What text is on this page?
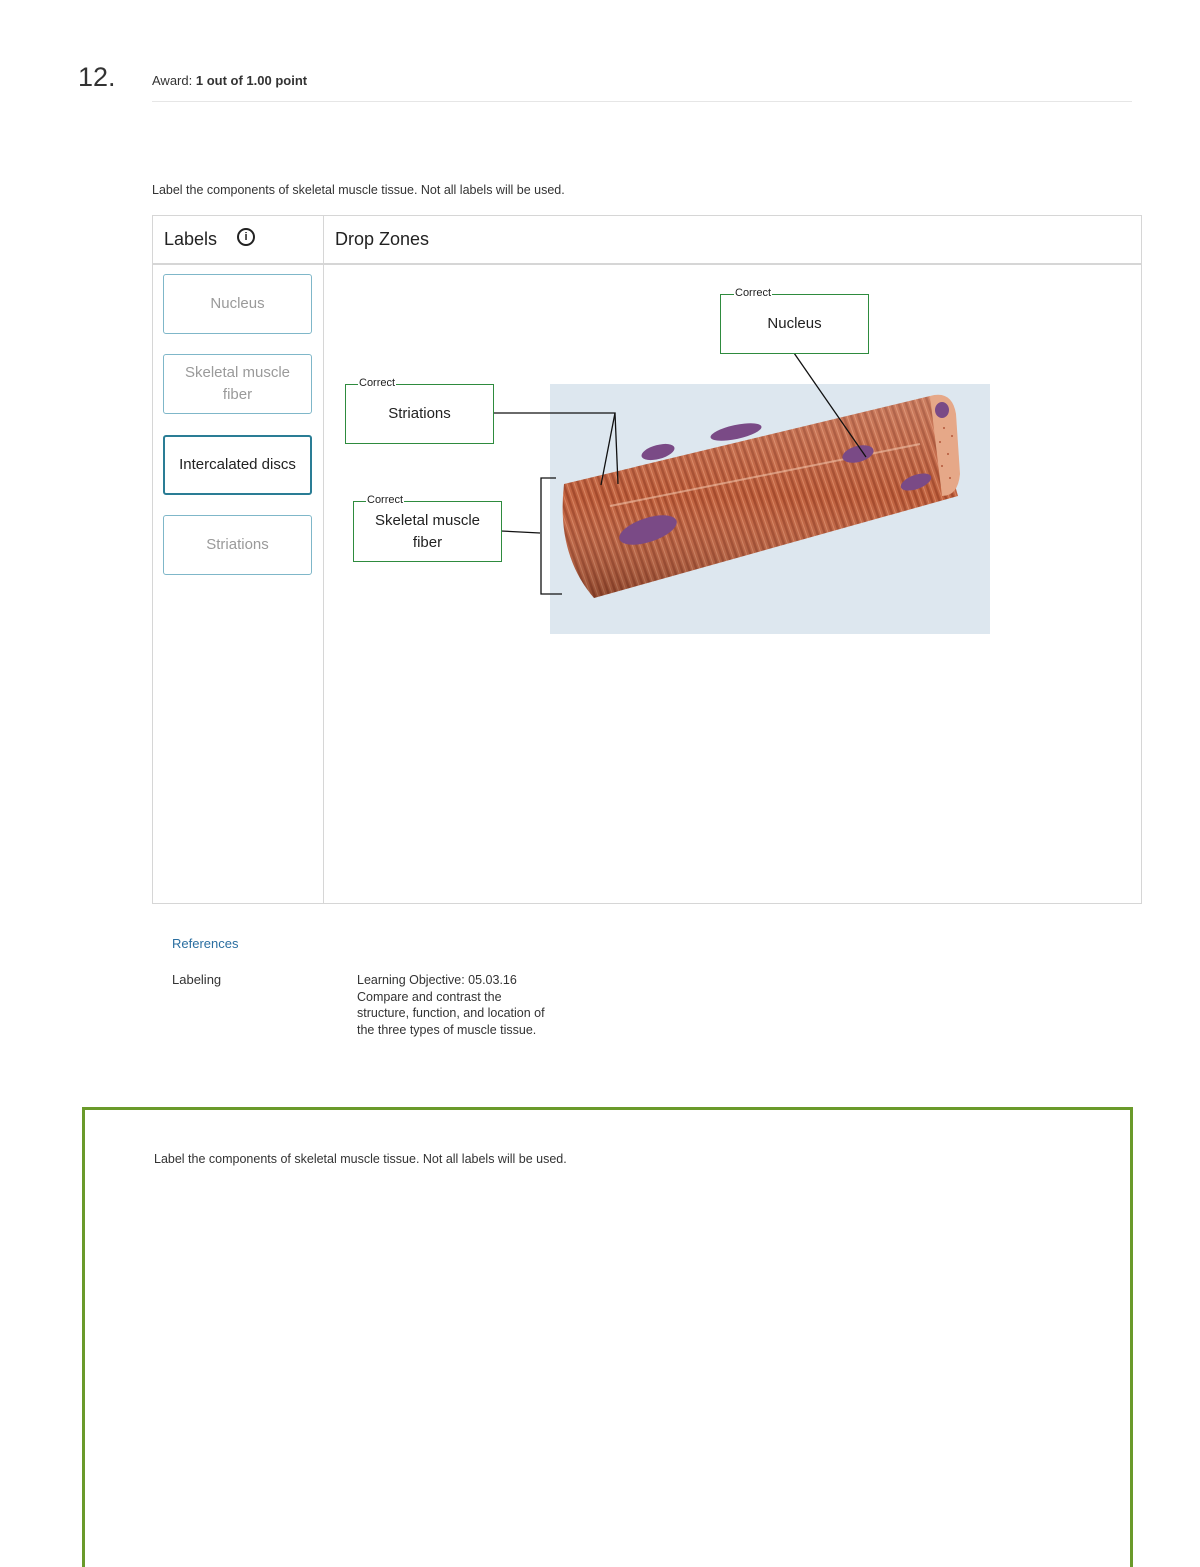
12.	Award: 1 out of 1.00 point
Label the components of skeletal muscle tissue. Not all labels will be used.
Labels	i	Drop Zones
Nucleus
Skeletal muscle fiber
Intercalated discs
Striations
Nucleus
Correct
Striations
Correct
Skeletal muscle fiber
Correct
References
Labeling	Learning Objective: 05.03.16 Compare and contrast the structure, function, and location of the three types of muscle tissue.
Label the components of skeletal muscle tissue. Not all labels will be used.
